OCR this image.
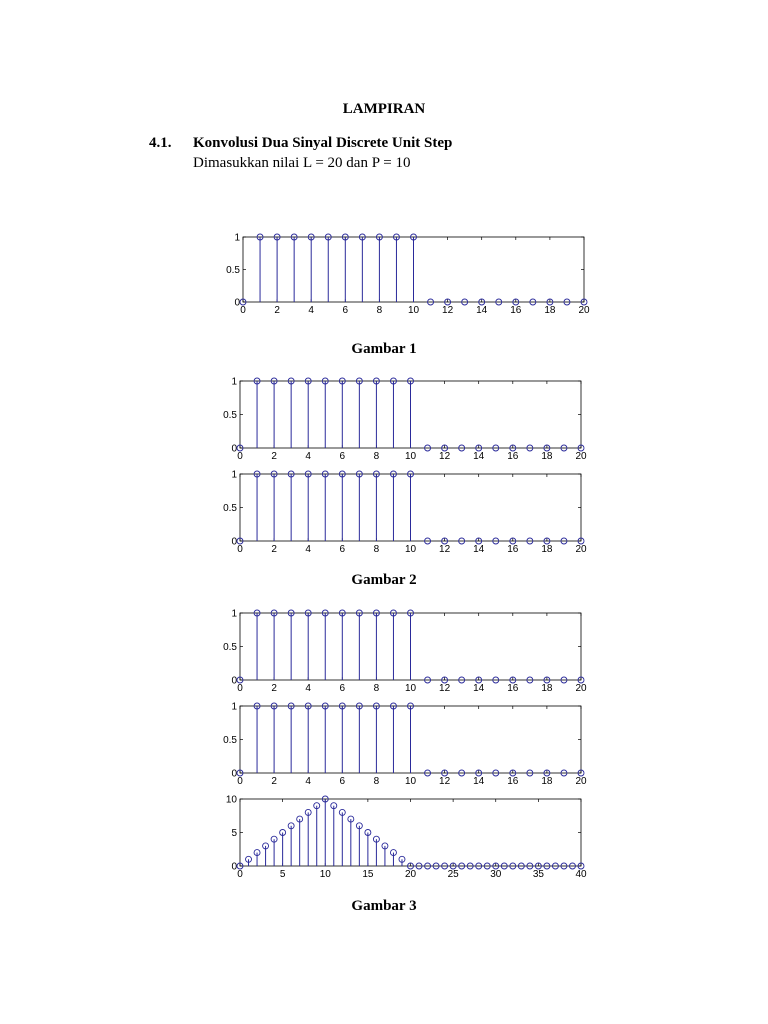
LAMPIRAN
4.1. Konvolusi Dua Sinyal Discrete Unit Step
Dimasukkan nilai L = 20 dan P = 10
0	2	4	6	8	10 12 14 16 18 20
0
0.5
1
Gambar 1
0	2	4	6	8	10 12 14 16 18 20
0
0.5
1
0	2	4	6	8	10 12 14 16 18 20
0
0.5
1
Gambar 2
0	2	4	6	8	10 12 14 16 18 20
0
0.5
1
0	2	4	6	8	10 12 14 16 18 20
0
0.5
1
0	5	10	15	20	25	30	35	40
0
5
10
Gambar 3
